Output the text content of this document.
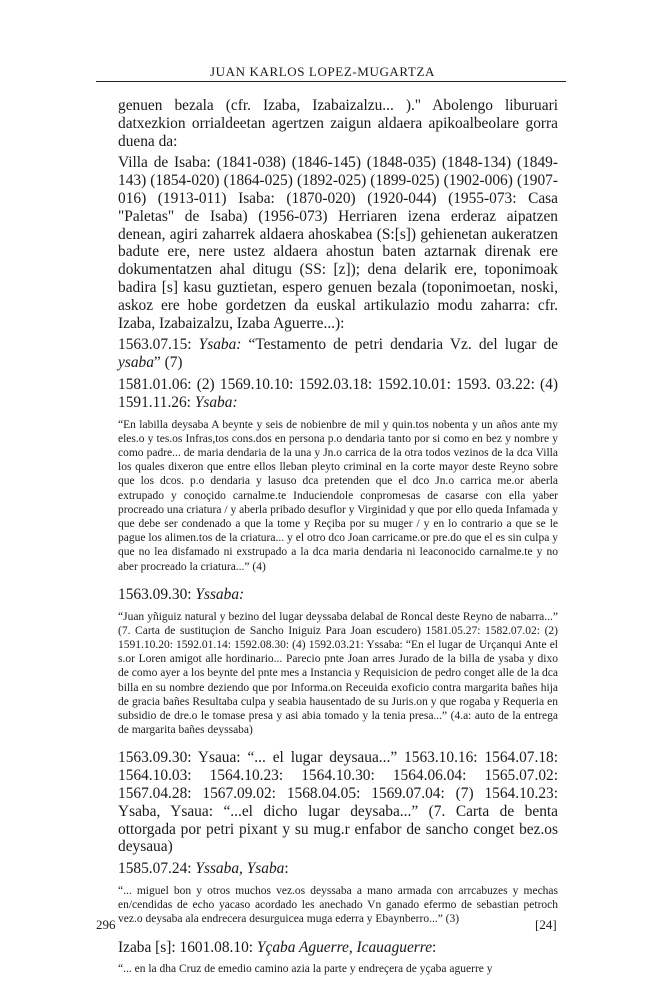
JUAN KARLOS LOPEZ-MUGARTZA

genuen bezala (cfr. Izaba, Izabaizalzu... )." Abolengo liburuari datxezkion orrialdeetan agertzen zaigun aldaera apikoalbeolare gorra duena da:

Villa de Isaba: (1841-038) (1846-145) (1848-035) (1848-134) (1849-143) (1854-020) (1864-025) (1892-025) (1899-025) (1902-006) (1907-016) (1913-011) Isaba: (1870-020) (1920-044) (1955-073: Casa "Paletas" de Isaba) (1956-073) Herriaren izena erderaz aipatzen denean, agiri zaharrek aldaera ahoskabea (S:[s]) gehienetan aukeratzen badute ere, nere ustez aldaera ahostun baten aztarnak direnak ere dokumentatzen ahal ditugu (SS: [z]); dena delarik ere, toponimoak badira [s] kasu guztietan, espero genuen bezala (toponimoetan, noski, askoz ere hobe gordetzen da euskal artikulazio modu zaharra: cfr. Izaba, Izabaizalzu, Izaba Aguerre...):

1563.07.15: Ysaba: “Testamento de petri dendaria Vz. del lugar de ysaba” (7)

1581.01.06: (2) 1569.10.10: 1592.03.18: 1592.10.01: 1593. 03.22: (4) 1591.11.26: Ysaba:

“En labilla deysaba A beynte y seis de nobienbre de mil y quin.tos nobenta y un años ante my eles.o y tes.os Infras,tos cons.dos en persona p.o dendaria tanto por si como en bez y nombre y como padre... de maria dendaria de la una y Jn.o carrica de la otra todos vezinos de la dca Villa los quales dixeron que entre ellos lleban pleyto criminal en la corte mayor deste Reyno sobre que los dcos. p.o dendaria y lasuso dca pretenden que el dco Jn.o carrica me.or aberla extrupado y conoçido carnalme.te Induciendole conpromesas de casarse con ella yaber procreado una criatura / y aberla pribado desuflor y Virginidad y que por ello queda Infamada y que debe ser condenado a que la tome y Reçiba por su muger / y en lo contrario a que se le pague los alimen.tos de la criatura... y el otro dco Joan carricame.or pre.do que el es sin culpa y que no lea disfamado ni exstrupado a la dca maria dendaria ni leaconocido carnalme.te y no aber procreado la criatura...” (4)

1563.09.30: Yssaba:

“Juan yñiguiz natural y bezino del lugar deyssaba delabal de Roncal deste Reyno de nabarra...” (7. Carta de sustituçion de Sancho Iniguiz Para Joan escudero) 1581.05.27: 1582.07.02: (2) 1591.10.20: 1592.01.14: 1592.08.30: (4) 1592.03.21: Yssaba: “En el lugar de Urçanqui Ante el s.or Loren amigot alle hordinario... Parecio pnte Joan arres Jurado de la billa de ysaba y dixo de como ayer a los beynte del pnte mes a Instancia y Requisicion de pedro conget alle de la dca billa en su nombre deziendo que por Informa.on Receuida exoficio contra margarita bañes hija de gracia bañes Resultaba culpa y seabia hausentado de su Juris.on y que rogaba y Requeria en subsidio de dre.o le tomase presa y asi abia tomado y la tenia presa...” (4.a: auto de la entrega de margarita bañes deyssaba)

1563.09.30: Ysaua: “... el lugar deysaua...” 1563.10.16: 1564.07.18: 1564.10.03: 1564.10.23: 1564.10.30: 1564.06.04: 1565.07.02: 1567.04.28: 1567.09.02: 1568.04.05: 1569.07.04: (7) 1564.10.23: Ysaba, Ysaua: “...el dicho lugar deysaba...” (7. Carta de benta ottorgada por petri pixant y su mug.r enfabor de sancho conget bez.os deysaua)

1585.07.24: Yssaba, Ysaba:

“... miguel bon y otros muchos vez.os deyssaba a mano armada con arrcabuzes y mechas en/cendidas de echo yacaso acordado les anechado Vn ganado efermo de sebastian petroch vez.o deysaba ala endrecera desurguicea muga ederra y Ebaynberro...” (3)

Izaba [s]: 1601.08.10: Yçaba Aguerre, Icauaguerre:

“... en la dha Cruz de emedio camino azia la parte y endreçera de yçaba aguerre y

296	[24]
